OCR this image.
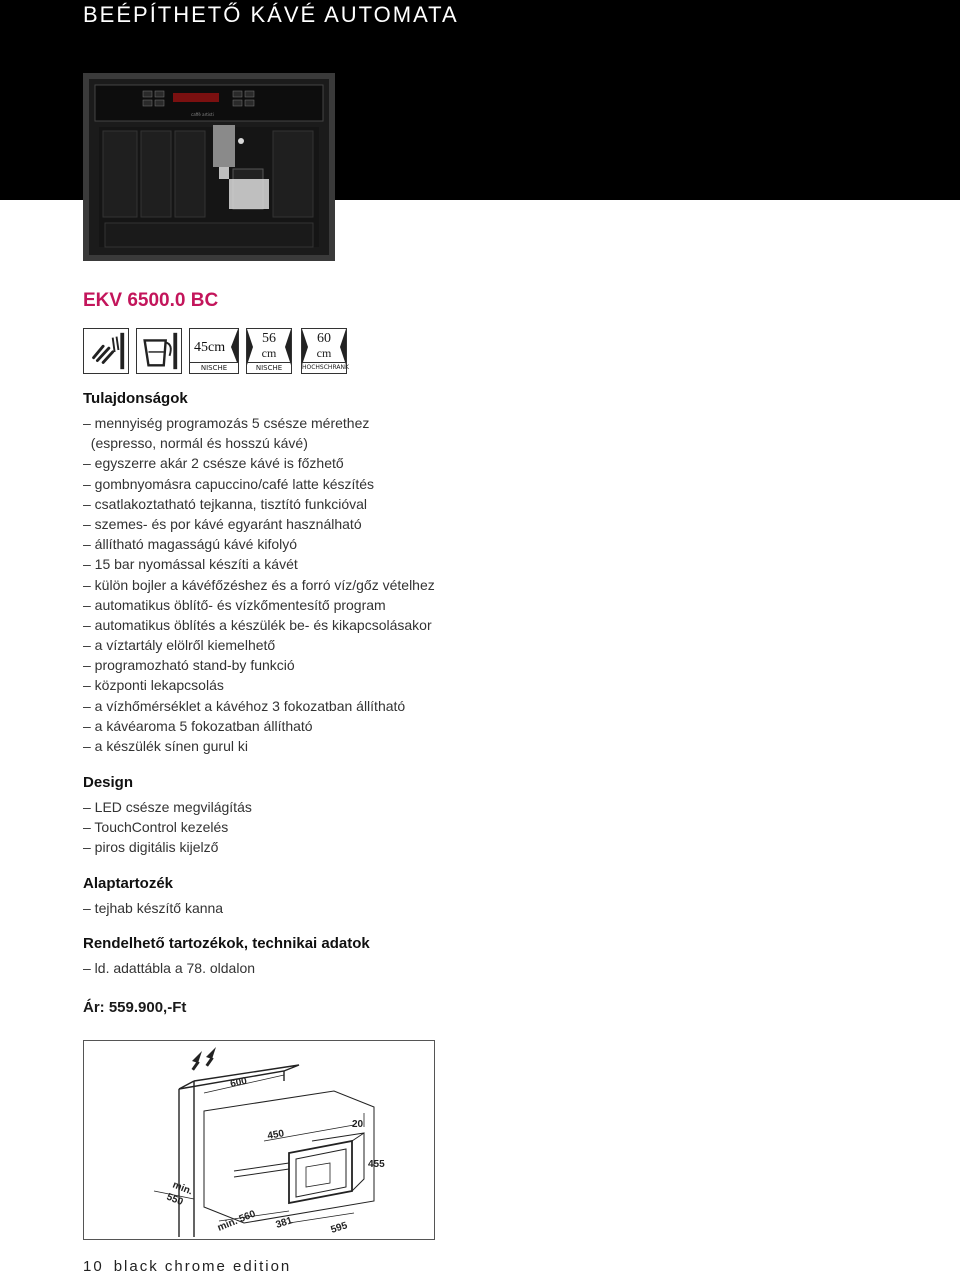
BEÉPÍTHETŐ KÁVÉ AUTOMATA
caffè artisti
EKV 6500.0 BC
45cm
NISCHE
56
cm
NISCHE
60
cm
HOCHSCHRANK
Tulajdonságok
– mennyiség programozás 5 csésze mérethez
(espresso, normál és hosszú kávé)
– egyszerre akár 2 csésze kávé is főzhető
– gombnyomásra capuccino/café latte készítés
– csatlakoztatható tejkanna, tisztító funkcióval
– szemes- és por kávé egyaránt használható
– állítható magasságú kávé kifolyó
– 15 bar nyomással készíti a kávét
– külön bojler a kávéfőzéshez és a forró víz/gőz vételhez
– automatikus öblítő- és vízkőmentesítő program
– automatikus öblítés a készülék be- és kikapcsolásakor
– a víztartály elölről kiemelhető
– programozható stand-by funkció
– központi lekapcsolás
– a vízhőmérséklet a kávéhoz 3 fokozatban állítható
– a kávéaroma 5 fokozatban állítható
– a készülék sínen gurul ki
Design
– LED csésze megvilágítás
– TouchControl kezelés
– piros digitális kijelző
Alaptartozék
– tejhab készítő kanna
Rendelhető tartozékok, technikai adatok
– ld. adattábla a 78. oldalon
Ár: 559.900,-Ft
600
20
450
455
min.
550
min. 560 381	595
10 black chrome edition
